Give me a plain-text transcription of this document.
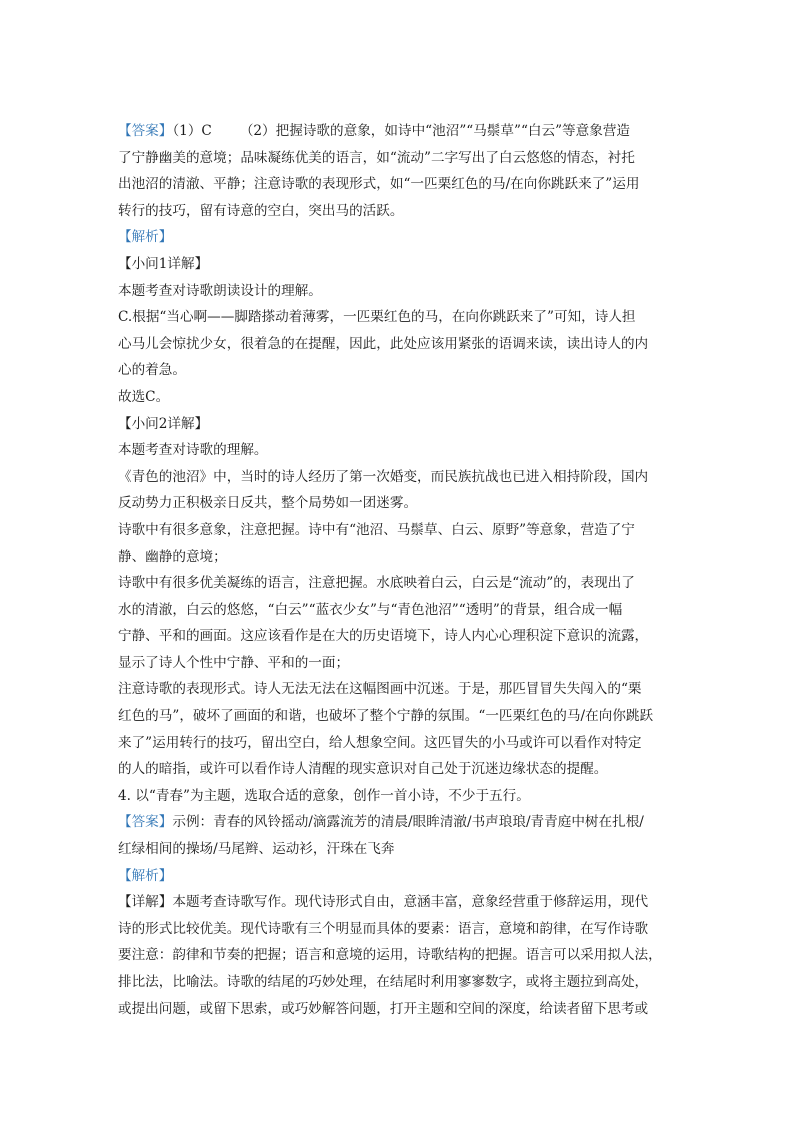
【答案】（1）C （2）把握诗歌的意象，如诗中“池沼”“马鬃草”“白云”等意象营造
了宁静幽美的意境；品味凝练优美的语言，如“流动”二字写出了白云悠悠的情态，衬托
出池沼的清澈、平静；注意诗歌的表现形式，如“一匹栗红色的马/在向你跳跃来了”运用
转行的技巧，留有诗意的空白，突出马的活跃。
【解析】
【小问1详解】
本题考查对诗歌朗读设计的理解。
C.根据“当心啊——脚踏搽动着薄雾，一匹栗红色的马，在向你跳跃来了”可知，诗人担
心马儿会惊扰少女，很着急的在提醒，因此，此处应该用紧张的语调来读，读出诗人的内
心的着急。
故选C。
【小问2详解】
本题考查对诗歌的理解。
《青色的池沼》中，当时的诗人经历了第一次婚变，而民族抗战也已进入相持阶段，国内
反动势力正积极亲日反共，整个局势如一团迷雾。
诗歌中有很多意象，注意把握。诗中有“池沼、马鬃草、白云、原野”等意象，营造了宁
静、幽静的意境；
诗歌中有很多优美凝练的语言，注意把握。水底映着白云，白云是“流动”的，表现出了
水的清澈，白云的悠悠，“白云”“蓝衣少女”与“青色池沼”“透明”的背景，组合成一幅
宁静、平和的画面。这应该看作是在大的历史语境下，诗人内心心理积淀下意识的流露，
显示了诗人个性中宁静、平和的一面；
注意诗歌的表现形式。诗人无法无法在这幅图画中沉迷。于是，那匹冒冒失失闯入的“栗
红色的马”，破坏了画面的和谐，也破坏了整个宁静的氛围。“一匹栗红色的马/在向你跳跃
来了”运用转行的技巧，留出空白，给人想象空间。这匹冒失的小马或许可以看作对特定
的人的暗指，或许可以看作诗人清醒的现实意识对自己处于沉迷边缘状态的提醒。
4. 以“青春”为主题，选取合适的意象，创作一首小诗，不少于五行。
【答案】示例：青春的风铃摇动/滴露流芳的清晨/眼眸清澈/书声琅琅/青青庭中树在扎根/
红绿相间的操场/马尾辫、运动衫，汗珠在飞奔
【解析】
【详解】本题考查诗歌写作。现代诗形式自由，意涵丰富，意象经营重于修辞运用，现代
诗的形式比较优美。现代诗歌有三个明显而具体的要素：语言，意境和韵律，在写作诗歌
要注意：韵律和节奏的把握；语言和意境的运用，诗歌结构的把握。语言可以采用拟人法，
排比法，比喻法。诗歌的结尾的巧妙处理，在结尾时利用寥寥数字，或将主题拉到高处，
或提出问题，或留下思索，或巧妙解答问题，打开主题和空间的深度，给读者留下思考或
